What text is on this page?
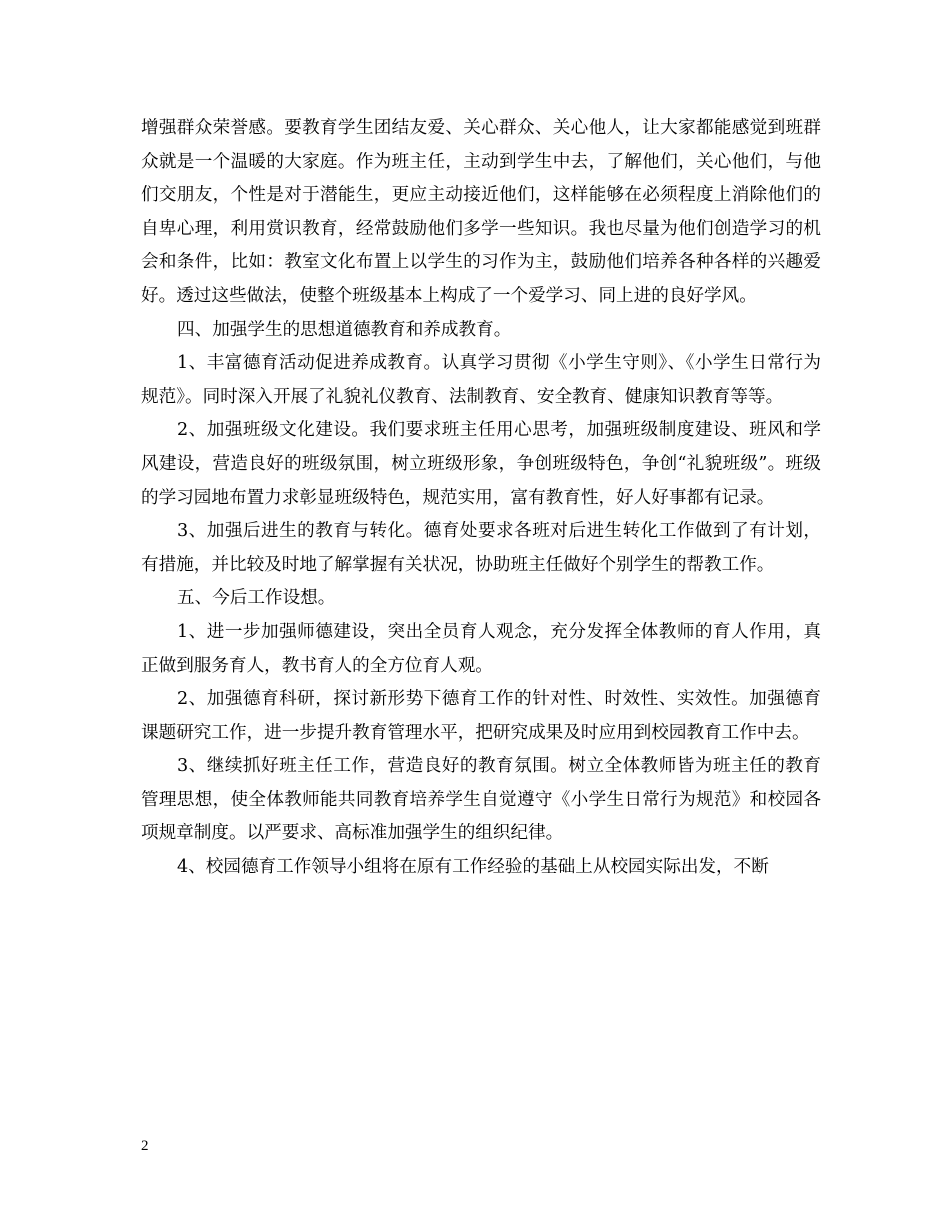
增强群众荣誉感。要教育学生团结友爱、关心群众、关心他人，让大家都能感觉到班群众就是一个温暖的大家庭。作为班主任，主动到学生中去，了解他们，关心他们，与他们交朋友，个性是对于潜能生，更应主动接近他们，这样能够在必须程度上消除他们的自卑心理，利用赏识教育，经常鼓励他们多学一些知识。我也尽量为他们创造学习的机会和条件，比如：教室文化布置上以学生的习作为主，鼓励他们培养各种各样的兴趣爱好。透过这些做法，使整个班级基本上构成了一个爱学习、同上进的良好学风。

四、加强学生的思想道德教育和养成教育。

1、丰富德育活动促进养成教育。认真学习贯彻《小学生守则》、《小学生日常行为规范》。同时深入开展了礼貌礼仪教育、法制教育、安全教育、健康知识教育等等。

2、加强班级文化建设。我们要求班主任用心思考，加强班级制度建设、班风和学风建设，营造良好的班级氛围，树立班级形象，争创班级特色，争创“礼貌班级”。班级的学习园地布置力求彰显班级特色，规范实用，富有教育性，好人好事都有记录。

3、加强后进生的教育与转化。德育处要求各班对后进生转化工作做到了有计划，有措施，并比较及时地了解掌握有关状况，协助班主任做好个别学生的帮教工作。

五、今后工作设想。

1、进一步加强师德建设，突出全员育人观念，充分发挥全体教师的育人作用，真正做到服务育人，教书育人的全方位育人观。

2、加强德育科研，探讨新形势下德育工作的针对性、时效性、实效性。加强德育课题研究工作，进一步提升教育管理水平，把研究成果及时应用到校园教育工作中去。

3、继续抓好班主任工作，营造良好的教育氛围。树立全体教师皆为班主任的教育管理思想，使全体教师能共同教育培养学生自觉遵守《小学生日常行为规范》和校园各项规章制度。以严要求、高标准加强学生的组织纪律。

4、校园德育工作领导小组将在原有工作经验的基础上从校园实际出发，不断

2
